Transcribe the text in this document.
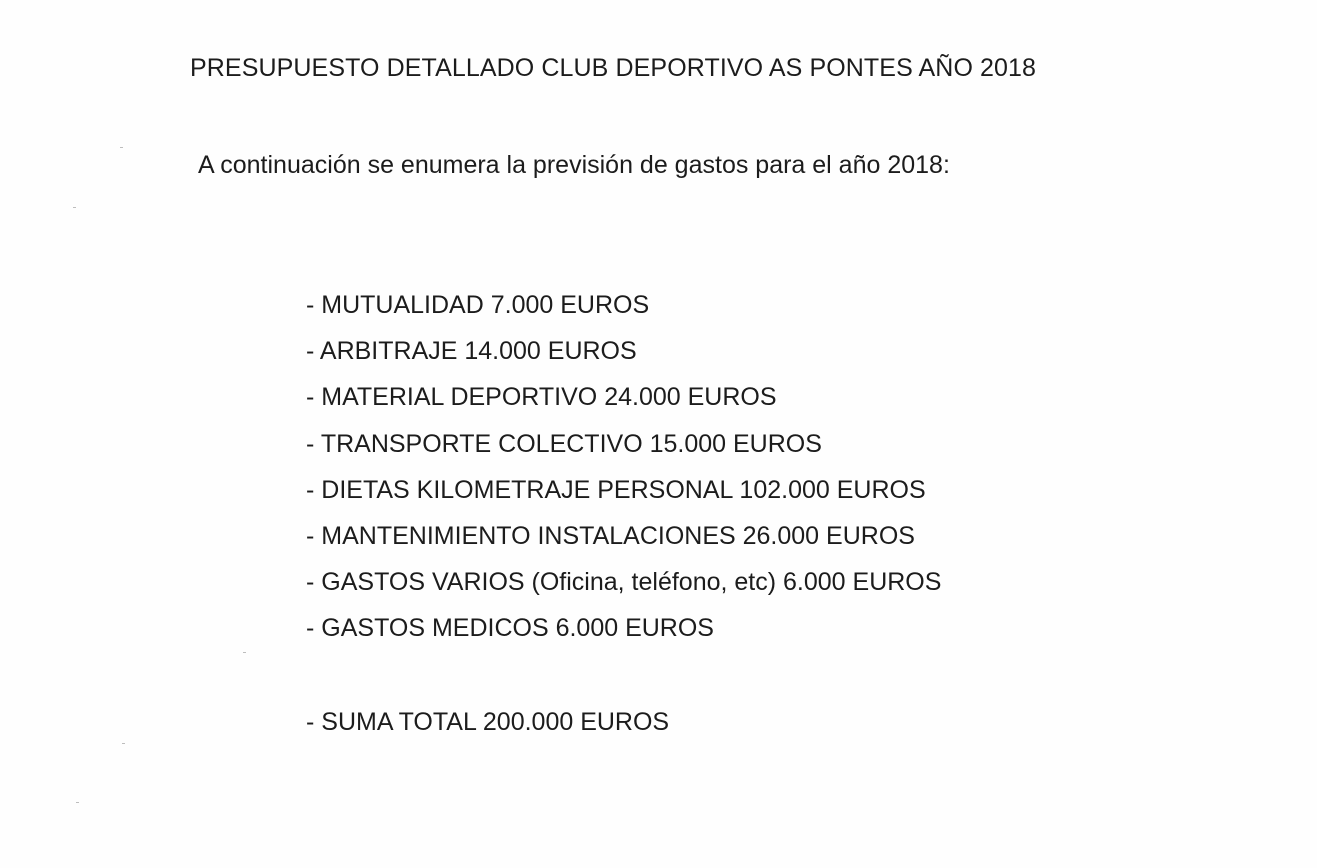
PRESUPUESTO DETALLADO CLUB DEPORTIVO AS PONTES AÑO 2018
A continuación se enumera la previsión de gastos para el año 2018:
- MUTUALIDAD 7.000 EUROS
- ARBITRAJE 14.000 EUROS
- MATERIAL DEPORTIVO 24.000 EUROS
- TRANSPORTE COLECTIVO 15.000 EUROS
- DIETAS KILOMETRAJE PERSONAL 102.000 EUROS
- MANTENIMIENTO INSTALACIONES 26.000 EUROS
- GASTOS VARIOS (Oficina, teléfono, etc) 6.000 EUROS
- GASTOS MEDICOS 6.000 EUROS
- SUMA TOTAL 200.000 EUROS
